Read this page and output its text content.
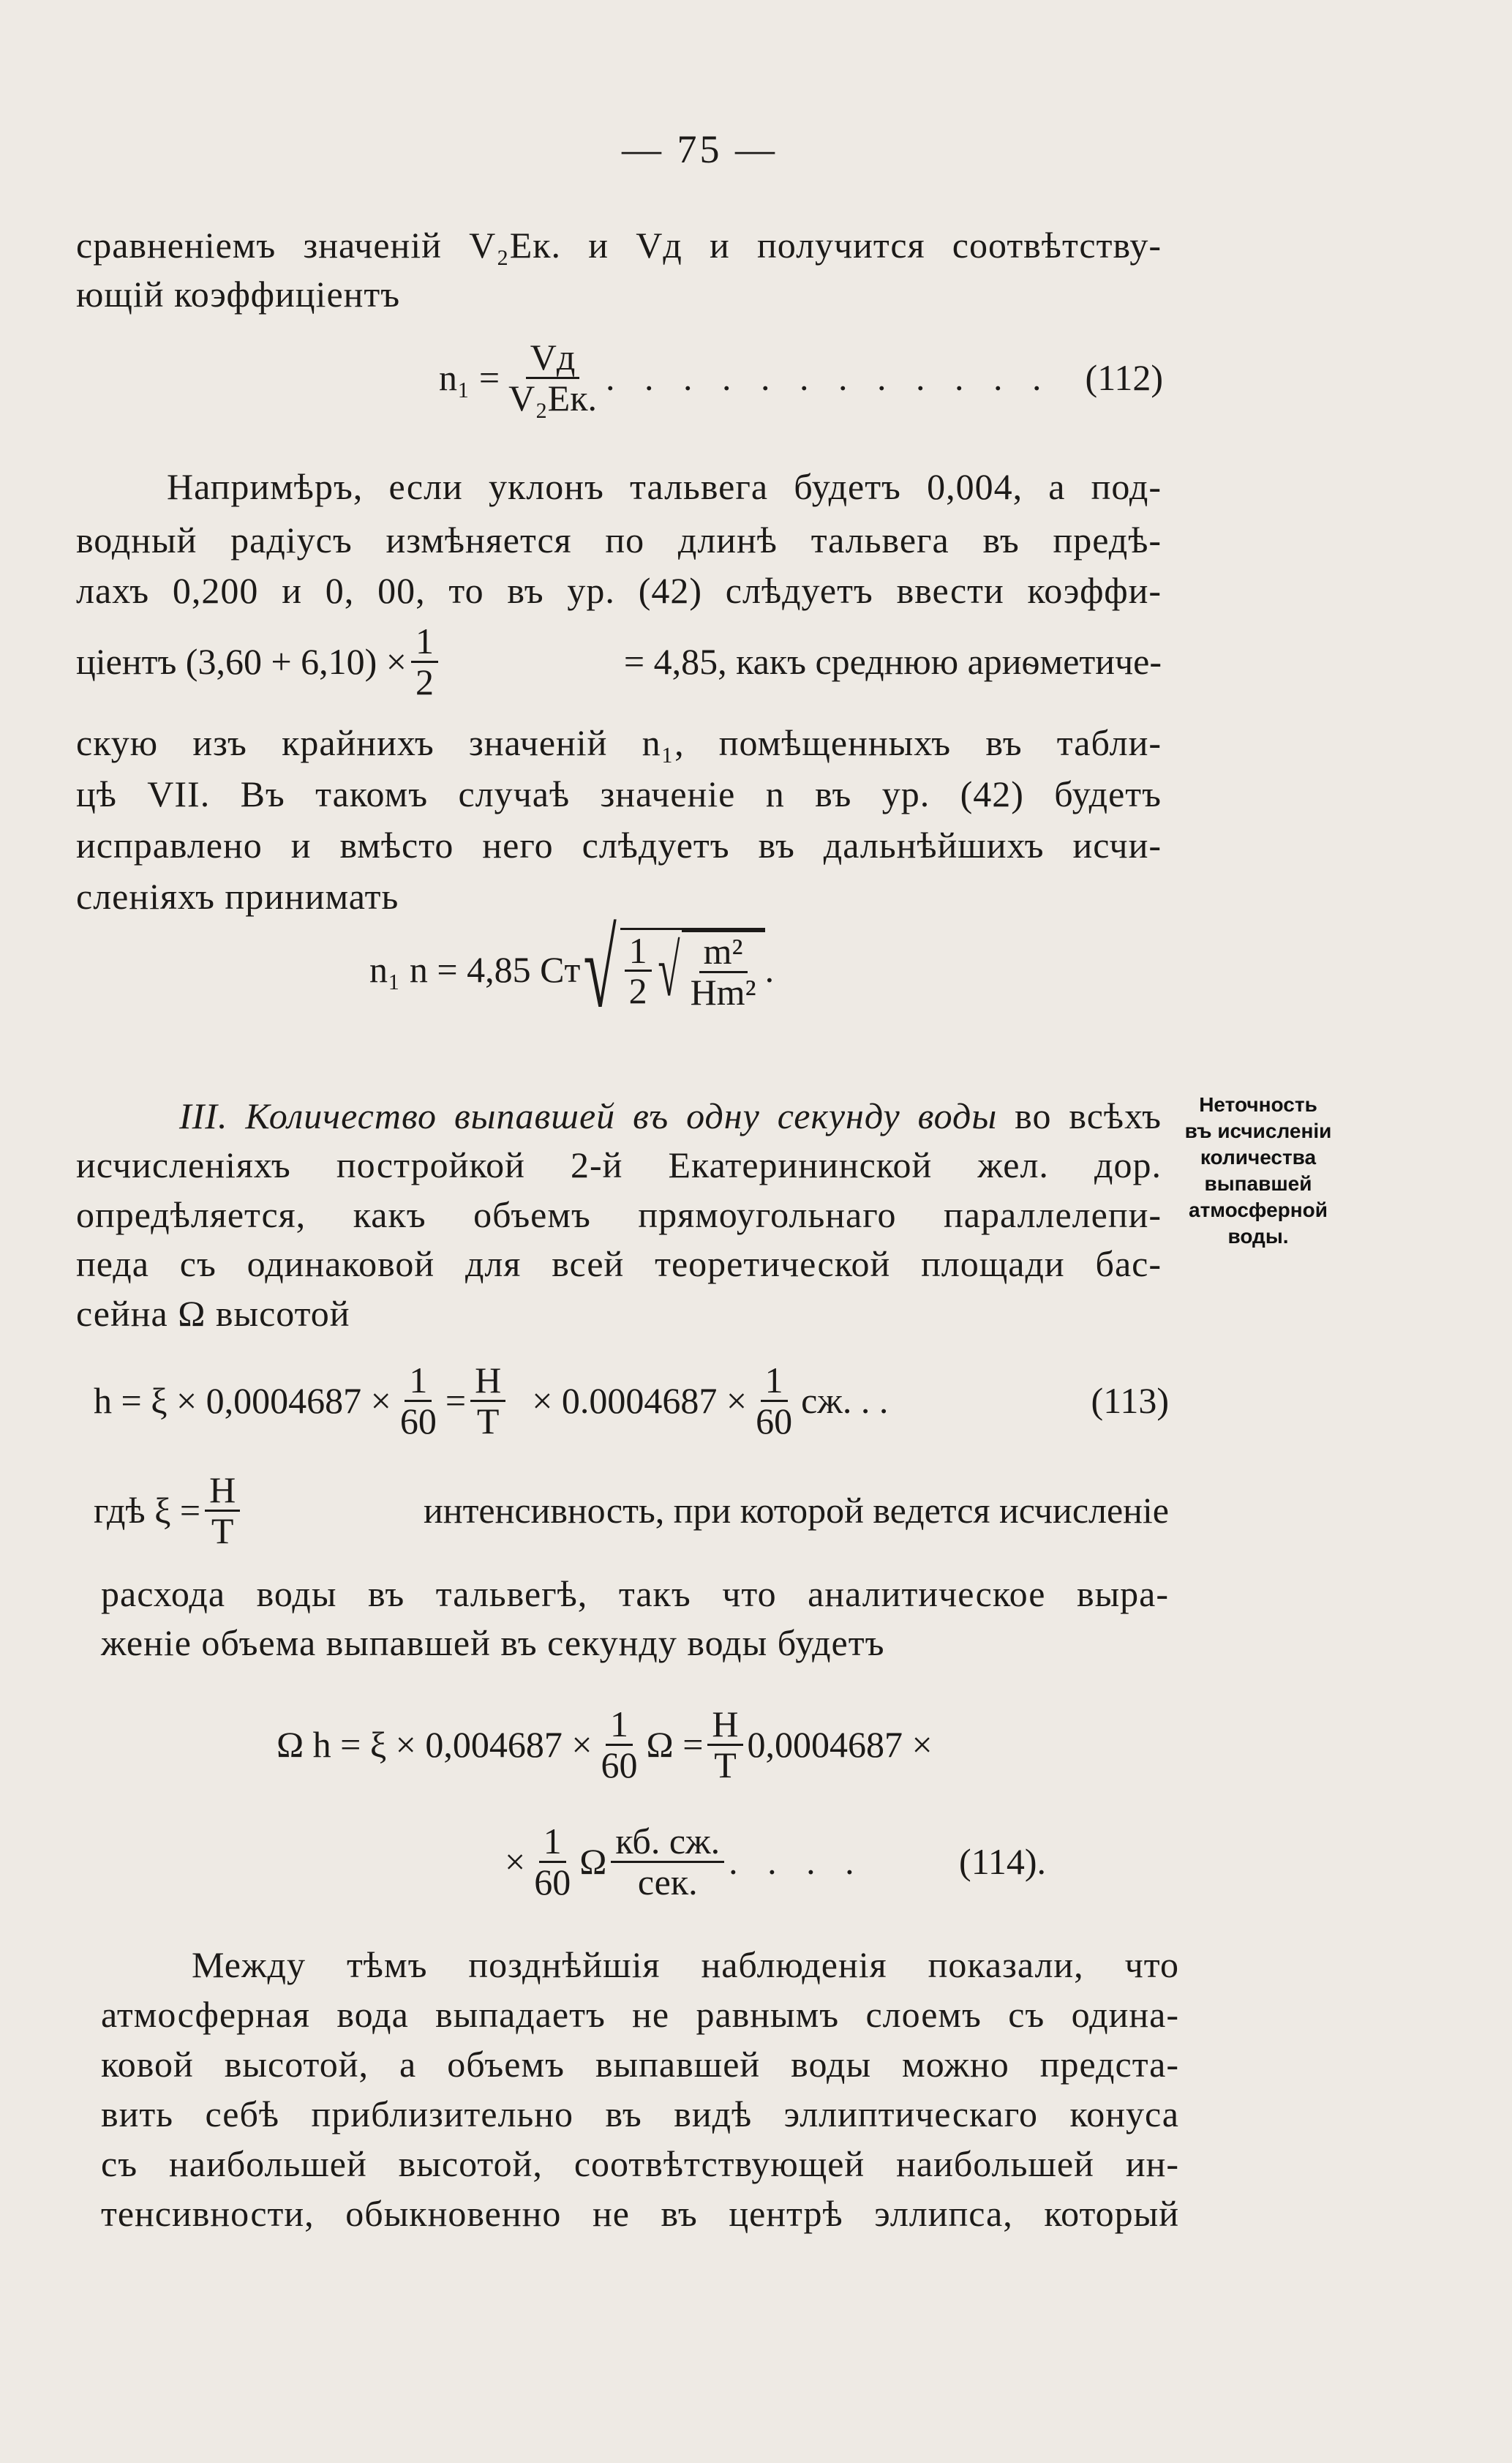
— 75 —
сравненіемъ значеній V₂Ек. и Vд и получится соотвѣтству-
ющій коэффиціентъ
$n_1 = \frac{Vд}{\text{V₂Ек.}}$ . . . . . . . . . . . . (112)
Напримѣръ, если уклонъ тальвега будетъ 0,004, а под-
водный радіусъ измѣняется по длинѣ тальвега въ предѣ-
лахъ 0,200 и 0, 00, то въ ур. (42) слѣдуетъ ввести коэффи-
ціентъ $(3,60 + 6,10) \times \frac{1}{2}$	= 4,85, какъ среднюю ариѳметиче-
скую изъ крайнихъ значеній n₁, помѣщенныхъ въ табли-
цѣ VII. Въ такомъ случаѣ значеніе n въ ур. (42) будетъ
исправлено и вмѣсто него слѣдуетъ въ дальнѣйшихъ исчи-
сленіяхъ принимать
n₁ n = 4,85 Cт √ $\frac{1}{2}$ √ $\frac{\text{m²}}{\text{Hm²}}$ .
III. Количество выпавшей въ одну секунду воды во всѣхъ
исчисленіяхъ постройкой 2-й Екатерининской жел. дор.
опредѣляется, какъ объемъ прямоугольнаго параллелепи-
педа съ одинаковой для всей теоретической площади бас-
сейна Ω высотой
Неточность
въ исчисленіи
количества
выпавшей
атмосферной
воды.
$h = \xi \times 0,0004687 \times \frac{1}{60} = \frac{H}{T} \times 0.0004687 \times \frac{1}{60}$ сж. . .	(113)
гдѣ $\xi = \frac{H}{T}$	интенсивность, при которой ведется исчисленіе
расхода воды въ тальвегѣ, такъ что аналитическое выра-
женіе объема выпавшей въ секунду воды будетъ
Ω $h = \xi \times 0,004687 \times \frac{1}{60}$ $\Omega = \frac{H}{T} 0,0004687$ ×
× $\frac{1}{60}$ Ω $\frac{кб. сж.}{\text{сек.}}$ . . . .	(114).
Между тѣмъ позднѣйшія наблюденія показали, что
атмосферная вода выпадаетъ не равнымъ слоемъ съ одина-
ковой высотой, а объемъ выпавшей воды можно предста-
вить себѣ приблизительно въ видѣ эллиптическаго конуса
съ наибольшей высотой, соотвѣтствующей наибольшей ин-
тенсивности, обыкновенно не въ центрѣ эллипса, который
